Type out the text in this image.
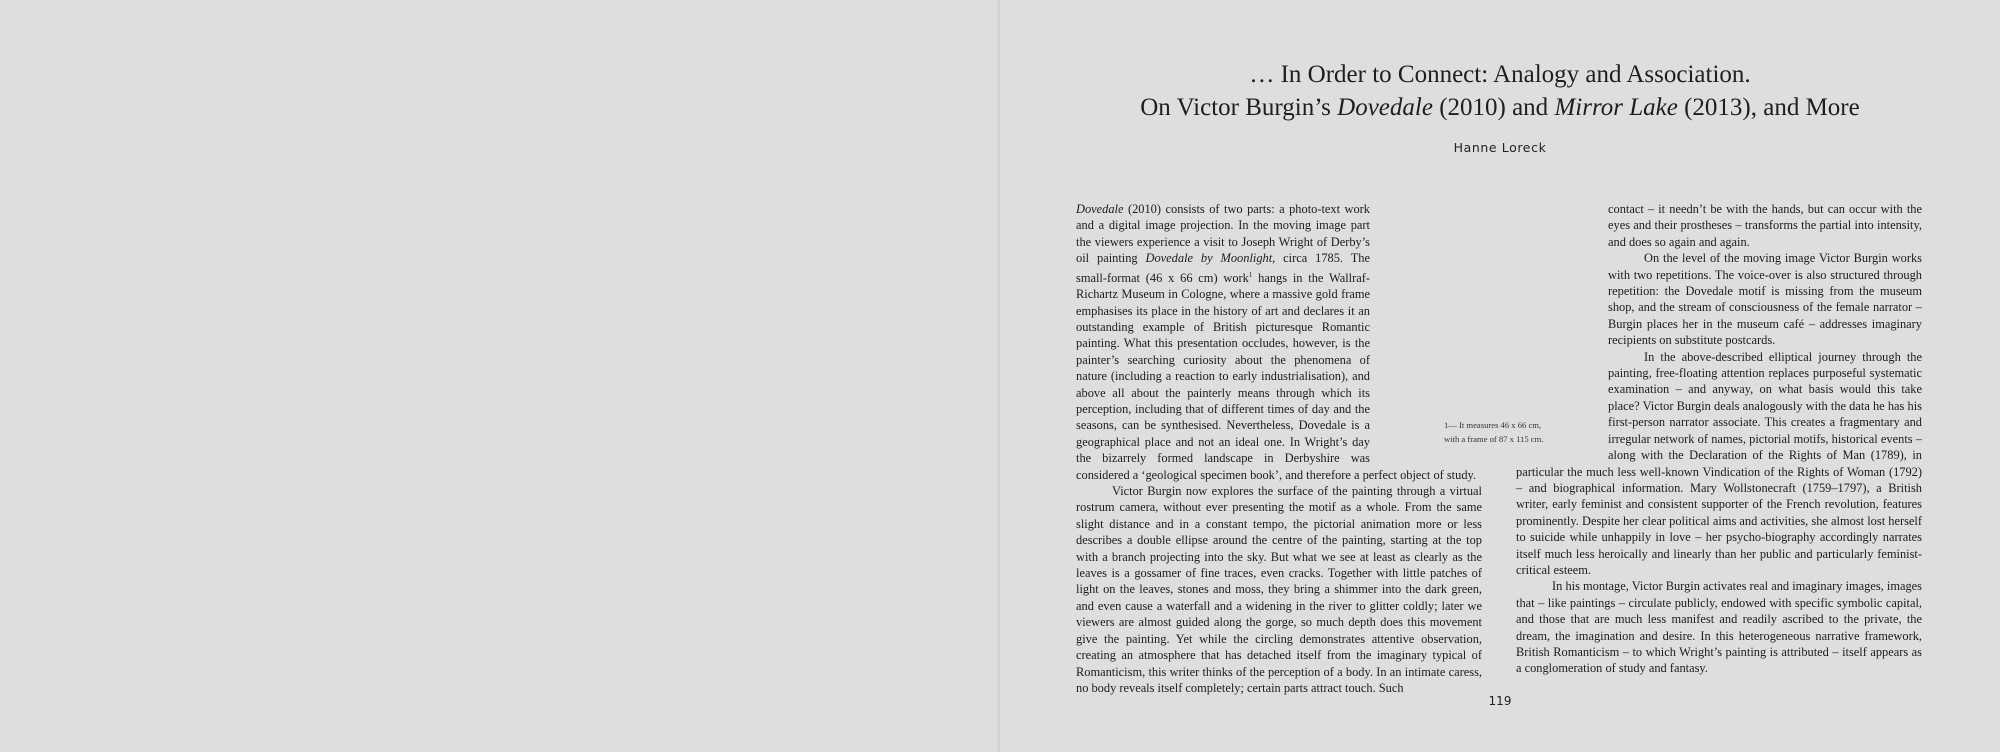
… In Order to Connect: Analogy and Association.
On Victor Burgin’s Dovedale (2010) and Mirror Lake (2013), and More
Hanne Loreck

Dovedale (2010) consists of two parts: a photo-text work and a digital image projection. In the moving image part the viewers experience a visit to Joseph Wright of Derby’s oil painting Dovedale by Moonlight, circa 1785. The small-format (46 x 66 cm) work$^1$ hangs in the Wallraf-Richartz Museum in Cologne, where a massive gold frame emphasises its place in the history of art and declares it an outstanding example of British picturesque Romantic painting. What this presentation occludes, however, is the painter’s searching curiosity about the phenomena of nature (including a reaction to early industrialisation), and above all about the painterly means through which its perception, including that of different times of day and the seasons, can be synthesised. Nevertheless, Dovedale is a geographical place and not an ideal one. In Wright’s day the bizarrely formed landscape in Derbyshire was considered a ‘geological specimen book’, and therefore a perfect object of study.

Victor Burgin now explores the surface of the painting through a virtual rostrum camera, without ever presenting the motif as a whole. From the same slight distance and in a constant tempo, the pictorial animation more or less describes a double ellipse around the centre of the painting, starting at the top with a branch projecting into the sky. But what we see at least as clearly as the leaves is a gossamer of fine traces, even cracks. Together with little patches of light on the leaves, stones and moss, they bring a shimmer into the dark green, and even cause a waterfall and a widening in the river to glitter coldly; later we viewers are almost guided along the gorge, so much depth does this movement give the painting. Yet while the circling demonstrates attentive observation, creating an atmosphere that has detached itself from the imaginary typical of Romanticism, this writer thinks of the perception of a body. In an intimate caress, no body reveals itself completely; certain parts attract touch. Such

1— It measures 46 x 66 cm,
with a frame of 87 x 115 cm.

contact – it needn’t be with the hands, but can occur with the eyes and their prostheses – transforms the partial into intensity, and does so again and again.

On the level of the moving image Victor Burgin works with two repetitions. The voice-over is also structured through repetition: the Dovedale motif is missing from the museum shop, and the stream of consciousness of the female narrator – Burgin places her in the museum café – addresses imaginary recipients on substitute postcards.

In the above-described elliptical journey through the painting, free-floating attention replaces purposeful systematic examination – and anyway, on what basis would this take place? Victor Burgin deals analogously with the data he has his first-person narrator associate. This creates a fragmentary and irregular network of names, pictorial motifs, historical events – along with the Declaration of the Rights of Man (1789), in particular the much less well-known Vindication of the Rights of Woman (1792) – and biographical information. Mary Wollstonecraft (1759–1797), a British writer, early feminist and consistent supporter of the French revolution, features prominently. Despite her clear political aims and activities, she almost lost herself to suicide while unhappily in love – her psycho-biography accordingly narrates itself much less heroically and linearly than her public and particularly feminist-critical esteem.

In his montage, Victor Burgin activates real and imaginary images, images that – like paintings – circulate publicly, endowed with specific symbolic capital, and those that are much less manifest and readily ascribed to the private, the dream, the imagination and desire. In this heterogeneous narrative framework, British Romanticism – to which Wright’s painting is attributed – itself appears as a conglomeration of study and fantasy.

119
